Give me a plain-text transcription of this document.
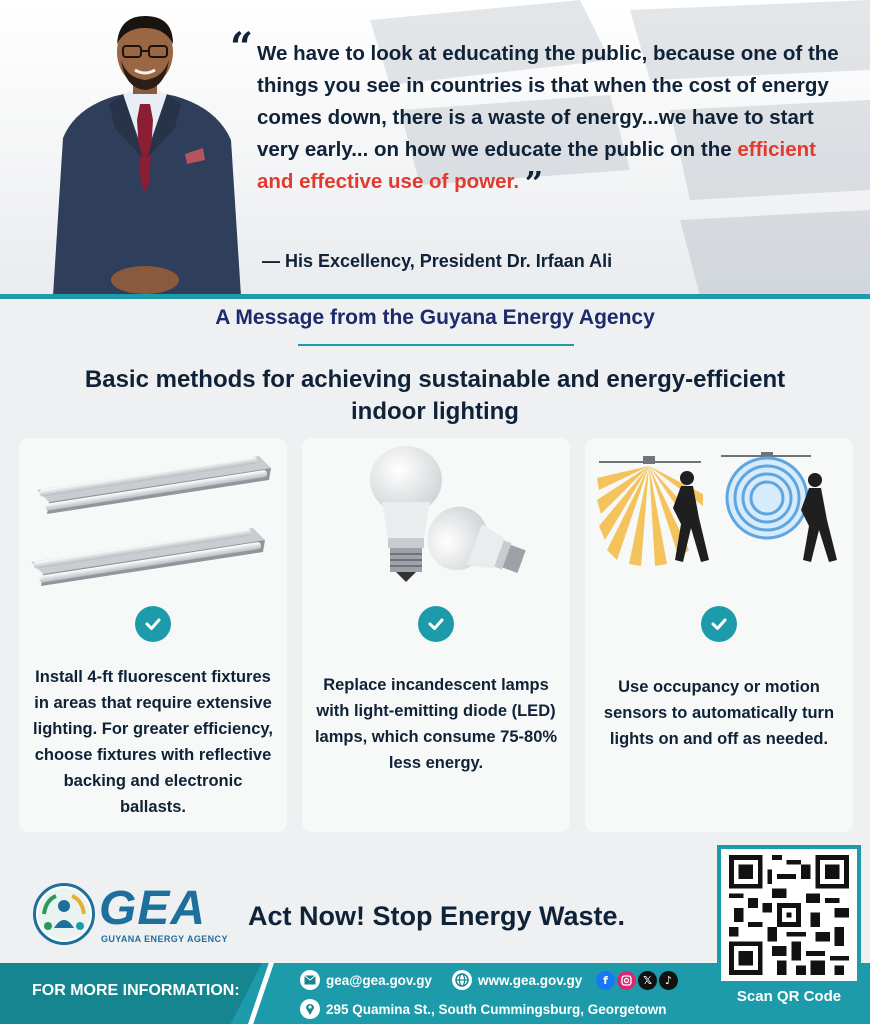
“ We have to look at educating the public, because one of the things you see in countries is that when the cost of energy comes down, there is a waste of energy...we have to start very early... on how we educate the public on the efficient and effective use of power. ”
— His Excellency, President Dr. Irfaan Ali
A Message from the Guyana Energy Agency
Basic methods for achieving sustainable and energy-efficient indoor lighting
Install 4-ft fluorescent fixtures in areas that require extensive lighting. For greater efficiency, choose fixtures with reflective backing and electronic ballasts.
Replace incandescent lamps with light-emitting diode (LED) lamps, which consume 75-80% less energy.
Use occupancy or motion sensors to automatically turn lights on and off as needed.
GEA
GUYANA ENERGY AGENCY
Act Now! Stop Energy Waste.
FOR MORE INFORMATION:
gea@gea.gov.gy	www.gea.gov.gy	f	𝕏	♪
295 Quamina St., South Cummingsburg, Georgetown
Scan QR Code
